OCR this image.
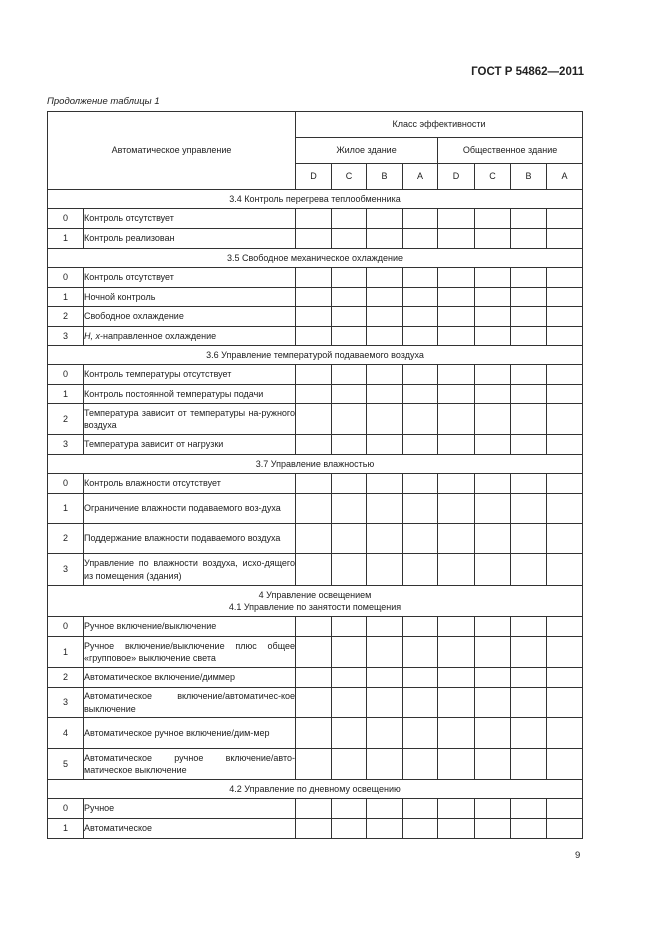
ГОСТ Р 54862—2011
Продолжение таблицы 1
Автоматическое управление		Класс эффективности							
		Жилое здание				Общественное здание			
		D	C	B	A	D	C	B	A
3.4 Контроль перегрева теплообменника									
0	Контроль отсутствует								
1	Контроль реализован								
3.5 Свободное механическое охлаждение									
0	Контроль отсутствует								
1	Ночной контроль								
2	Свободное охлаждение								
3	H, x-направленное охлаждение								
3.6 Управление температурой подаваемого воздуха									
0	Контроль температуры отсутствует								
1	Контроль постоянной температуры подачи								
2	Температура зависит от температуры на-ружного воздуха								
3	Температура зависит от нагрузки								
3.7 Управление влажностью									
0	Контроль влажности отсутствует								
1	Ограничение влажности подаваемого воз-духа								
2	Поддержание влажности подаваемого воздуха								
3	Управление по влажности воздуха, исхо-дящего из помещения (здания)								

4 Управление освещением
4.1 Управление по занятости помещения									

0	Ручное включение/выключение								
1	Ручное включение/выключение плюс общее «групповое» выключение света								
2	Автоматическое включение/диммер								
3	Автоматическое включение/автоматичес-кое выключение								
4	Автоматическое ручное включение/дим-мер								
5	Автоматическое ручное включение/авто-матическое выключение								
4.2 Управление по дневному освещению									
0	Ручное								
1	Автоматическое								
9
